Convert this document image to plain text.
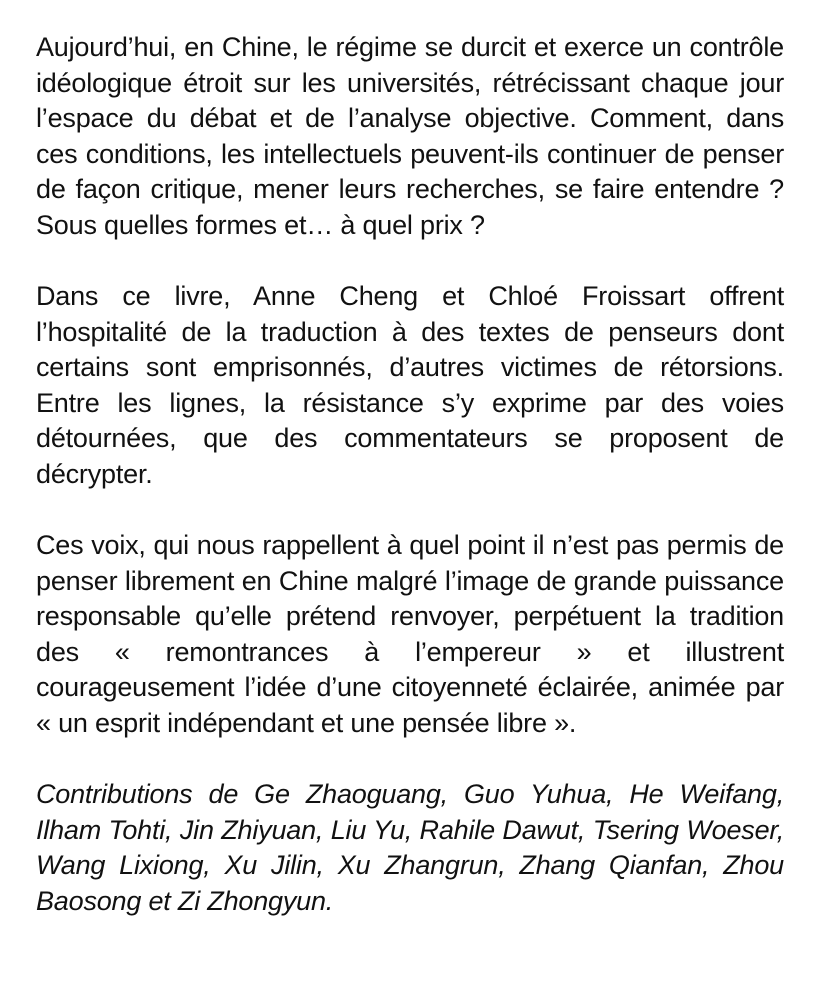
Aujourd’hui, en Chine, le régime se durcit et exerce un contrôle idéologique étroit sur les universités, rétrécissant chaque jour l’espace du débat et de l’analyse objective. Comment, dans ces conditions, les intellectuels peuvent-ils continuer de penser de façon critique, mener leurs recherches, se faire entendre ? Sous quelles formes et… à quel prix ?

Dans ce livre, Anne Cheng et Chloé Froissart offrent l’hospitalité de la traduction à des textes de penseurs dont certains sont emprisonnés, d’autres victimes de rétorsions. Entre les lignes, la résistance s’y exprime par des voies détournées, que des commentateurs se proposent de décrypter.

Ces voix, qui nous rappellent à quel point il n’est pas permis de penser librement en Chine malgré l’image de grande puissance responsable qu’elle prétend renvoyer, perpétuent la tradition des « remontrances à l’empereur » et illustrent courageusement l’idée d’une citoyenneté éclairée, animée par « un esprit indépendant et une pensée libre ».

Contributions de Ge Zhaoguang, Guo Yuhua, He Weifang, Ilham Tohti, Jin Zhiyuan, Liu Yu, Rahile Dawut, Tsering Woeser, Wang Lixiong, Xu Jilin, Xu Zhangrun, Zhang Qianfan, Zhou Baosong et Zi Zhongyun.
